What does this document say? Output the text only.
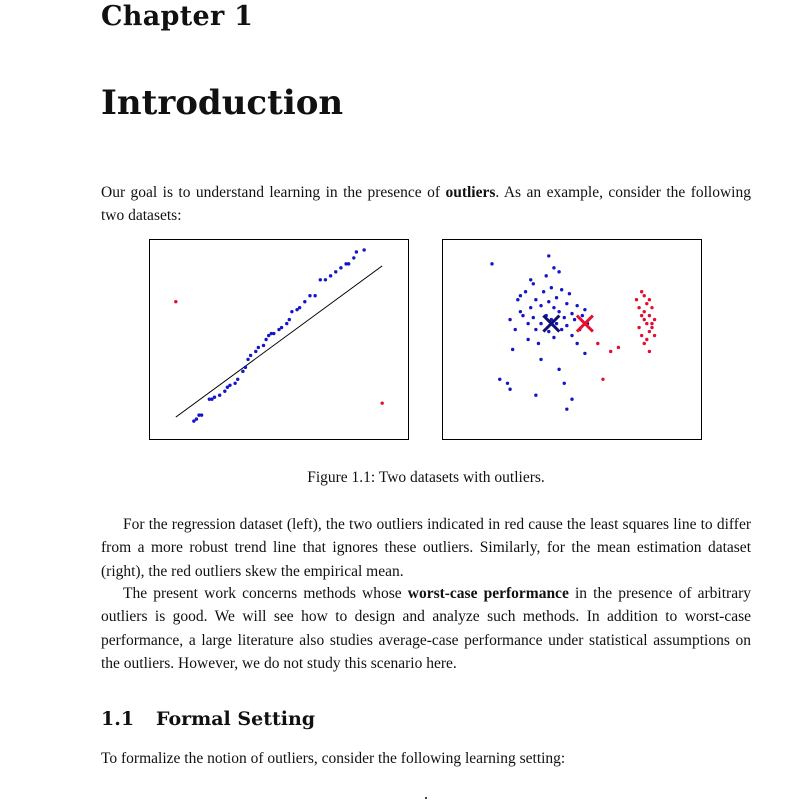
Chapter 1
Introduction

Our goal is to understand learning in the presence of outliers. As an example, consider the following two datasets:

Figure 1.1: Two datasets with outliers.

For the regression dataset (left), the two outliers indicated in red cause the least squares line to differ from a more robust trend line that ignores these outliers. Similarly, for the mean estimation dataset (right), the red outliers skew the empirical mean.

The present work concerns methods whose worst-case performance in the presence of arbitrary outliers is good. We will see how to design and analyze such methods. In addition to worst-case performance, a large literature also studies average-case performance under statistical assumptions on the outliers. However, we do not study this scenario here.

1.1 Formal Setting

To formalize the notion of outliers, consider the following learning setting:
